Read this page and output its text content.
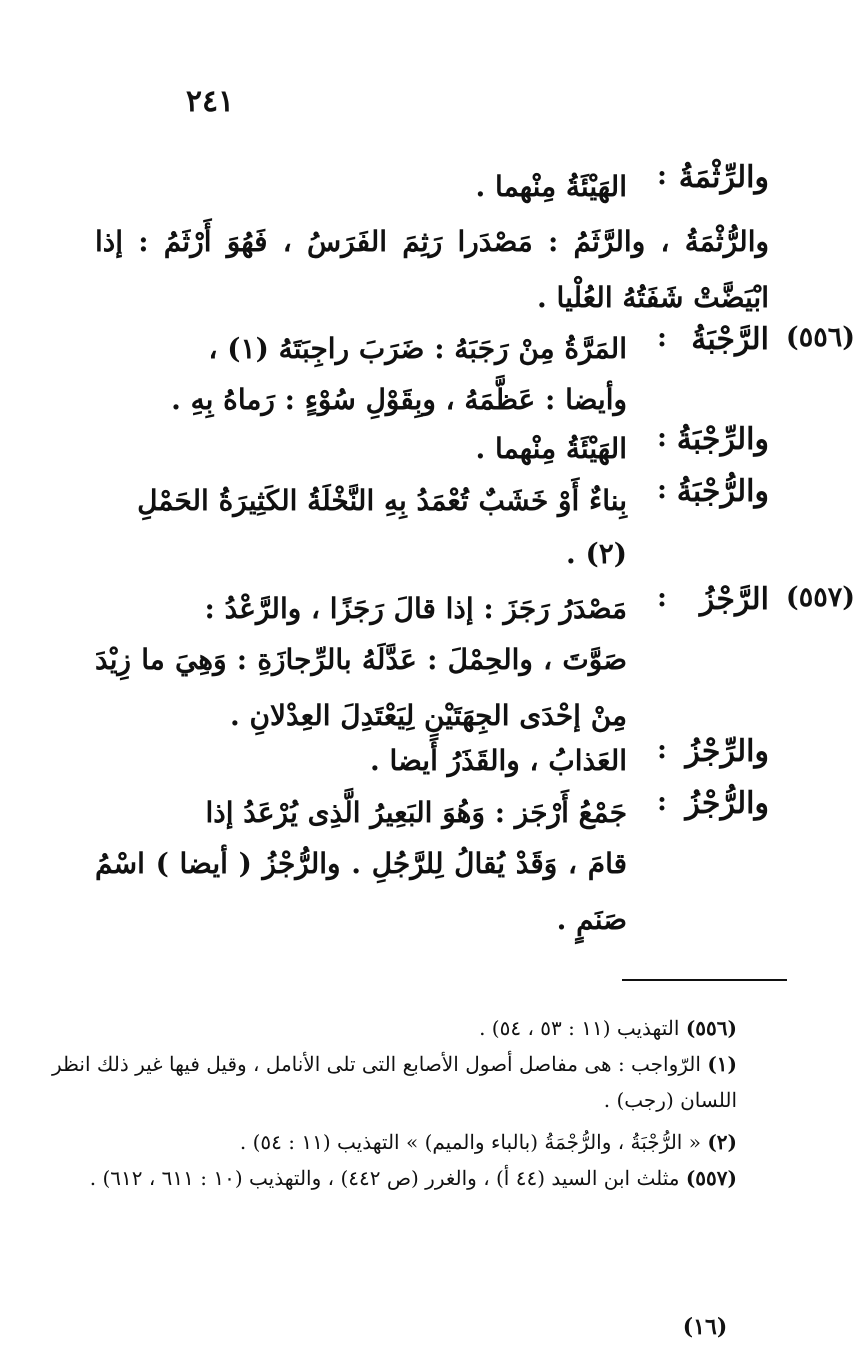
٢٤١
والرِّثْمَةُ
:
الهَيْئَةُ مِنْهما .
والرُّثْمَةُ ، والرَّثَمُ : مَصْدَرا رَثِمَ الفَرَسُ ، فَهُوَ أَرْثَمُ : إذا ابْيَضَّتْ شَفَتُهُ العُلْيا .
(٥٥٦)
الرَّجْبَةُ
:
المَرَّةُ مِنْ رَجَبَهُ : ضَرَبَ راجِبَتَهُ (١) ،
وأيضا : عَظَّمَهُ ، وبِقَوْلِ سُوْءٍ : رَماهُ بِهِ .
والرِّجْبَةُ
:
الهَيْئَةُ مِنْهما .
والرُّجْبَةُ
:
بِناءٌ أَوْ خَشَبٌ تُعْمَدُ بِهِ النَّخْلَةُ الكَثِيرَةُ الحَمْلِ (٢) .
(٥٥٧)
الرَّجْزُ
:
مَصْدَرُ رَجَزَ : إذا قالَ رَجَزًا ، والرَّعْدُ :
صَوَّتَ ، والحِمْلَ : عَدَّلَهُ بالرِّجازَةِ : وَهِيَ ما زِيْدَ مِنْ إحْدَى الجِهَتَيْنِ لِيَعْتَدِلَ العِدْلانِ .
والرِّجْزُ
:
العَذابُ ، والقَذَرُ أَيضا .
والرُّجْزُ
:
جَمْعُ أَرْجَز : وَهُوَ البَعِيرُ الَّذِى يُرْعَدُ إذا
قامَ ، وَقَدْ يُقالُ لِلرَّجُلِ . والرُّجْزُ ( أيضا ) اسْمُ صَنَمٍ .
(٥٥٦) التهذيب (١١ : ٥٣ ، ٥٤) .
(١) الرّواجب : هى مفاصل أصول الأصابع التى تلى الأنامل ، وقيل فيها غير ذلك انظر اللسان (رجب) .
(٢) « الرُّجْبَةُ ، والرُّجْمَةُ (بالباء والميم) » التهذيب (١١ : ٥٤) .
(٥٥٧) مثلث ابن السيد (٤٤ أ) ، والغرر (ص ٤٤٢) ، والتهذيب (١٠ : ٦١١ ، ٦١٢) .
(١٦)
